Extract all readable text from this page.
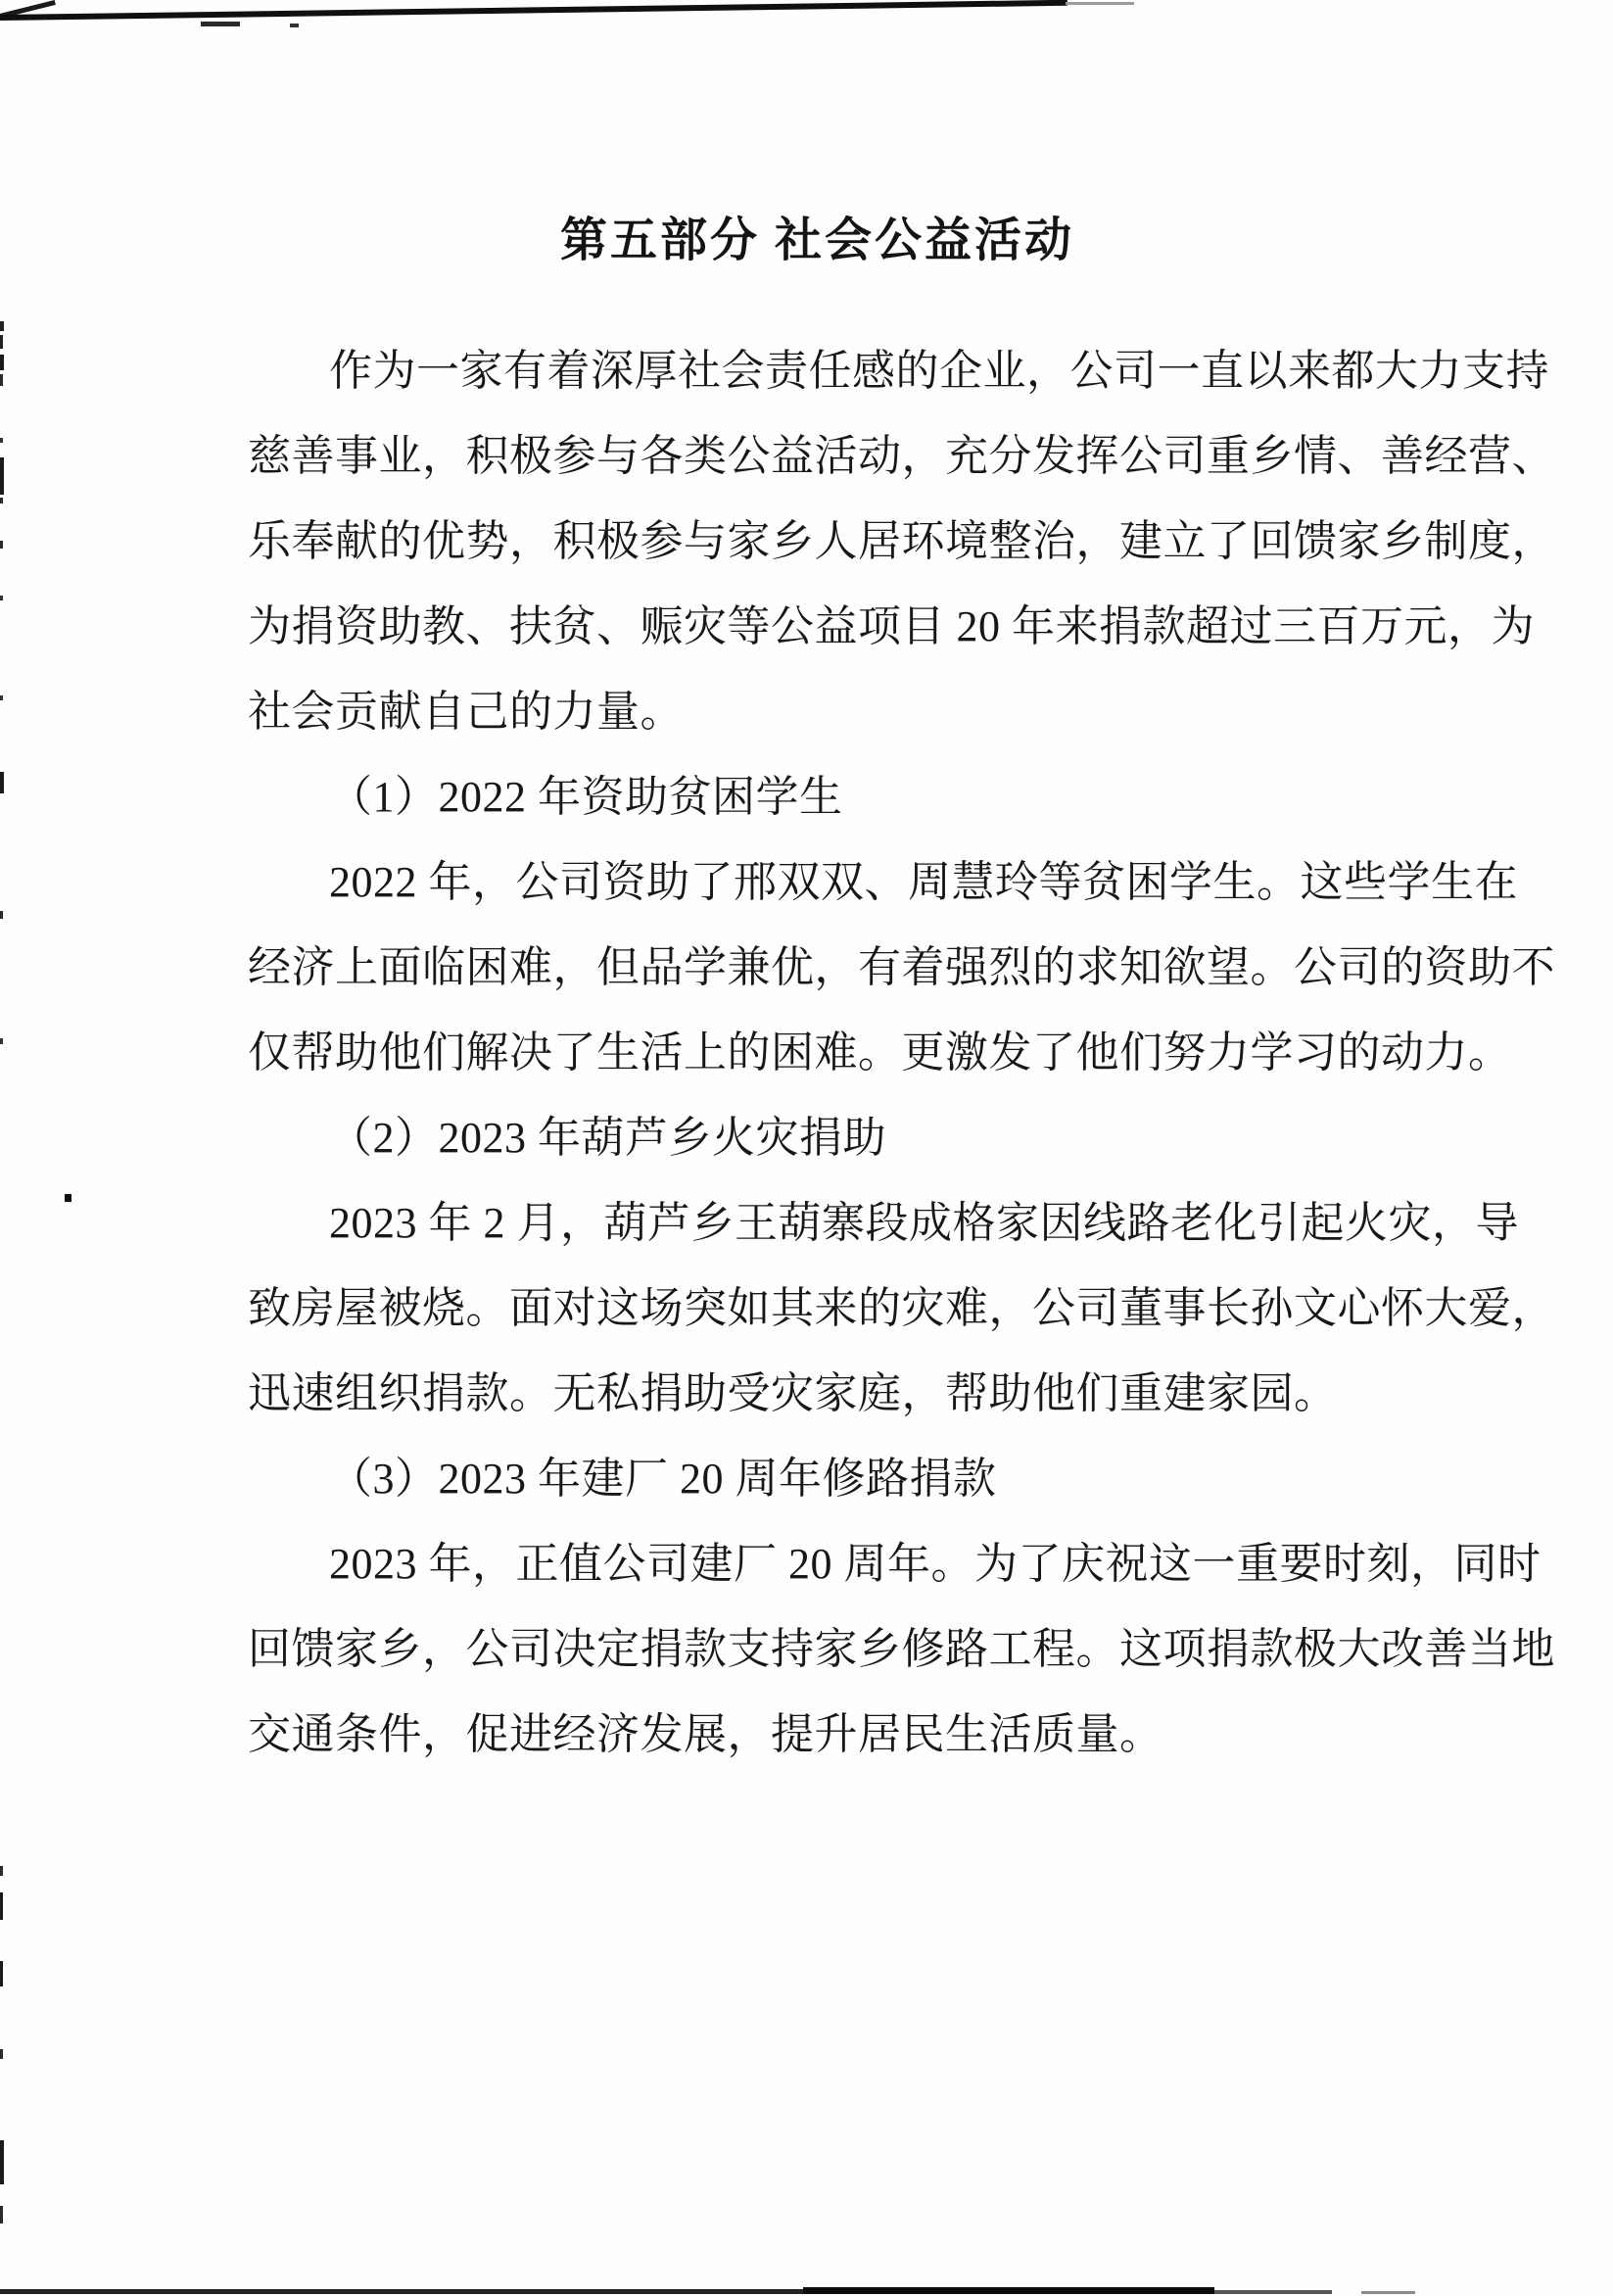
第五部分 社会公益活动
作为一家有着深厚社会责任感的企业，公司一直以来都大力支持
慈善事业，积极参与各类公益活动，充分发挥公司重乡情、善经营、
乐奉献的优势，积极参与家乡人居环境整治，建立了回馈家乡制度，
为捐资助教、扶贫、赈灾等公益项目 20 年来捐款超过三百万元，为
社会贡献自己的力量。
（1）2022 年资助贫困学生
2022 年，公司资助了邢双双、周慧玲等贫困学生。这些学生在
经济上面临困难，但品学兼优，有着强烈的求知欲望。公司的资助不
仅帮助他们解决了生活上的困难。更激发了他们努力学习的动力。
（2）2023 年葫芦乡火灾捐助
2023 年 2 月，葫芦乡王葫寨段成格家因线路老化引起火灾，导
致房屋被烧。面对这场突如其来的灾难，公司董事长孙文心怀大爱，
迅速组织捐款。无私捐助受灾家庭，帮助他们重建家园。
（3）2023 年建厂 20 周年修路捐款
2023 年，正值公司建厂 20 周年。为了庆祝这一重要时刻，同时
回馈家乡，公司决定捐款支持家乡修路工程。这项捐款极大改善当地
交通条件，促进经济发展，提升居民生活质量。
